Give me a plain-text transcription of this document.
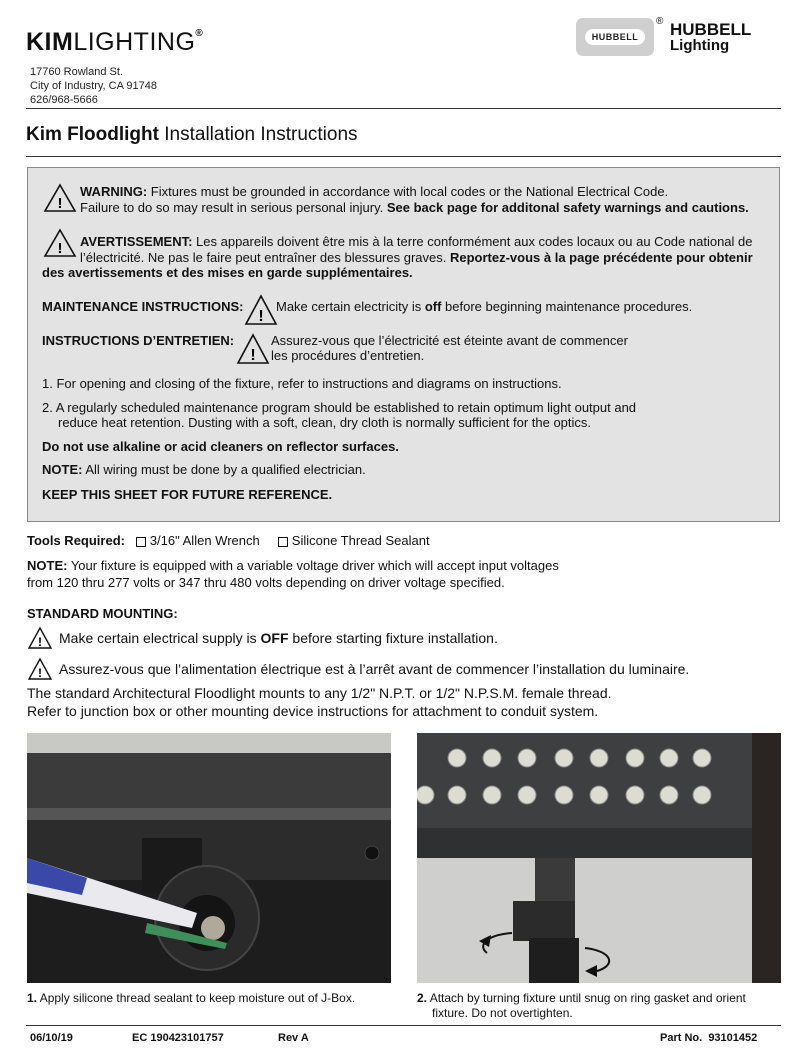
KIMLIGHTING®
17760 Rowland St.
City of Industry, CA 91748
626/968-5666
HUBBELL
® HUBBELL
Lighting
Kim Floodlight Installation Instructions
!
WARNING: Fixtures must be grounded in accordance with local codes or the National Electrical Code.
Failure to do so may result in serious personal injury. See back page for additonal safety warnings and cautions.
! AVERTISSEMENT: Les appareils doivent être mis à la terre conformément aux codes locaux ou au Code national de
l’électricité. Ne pas le faire peut entraîner des blessures graves. Reportez-vous à la page précédente pour obtenir
des avertissements et des mises en garde supplémentaires.
MAINTENANCE INSTRUCTIONS:
!
Make certain electricity is off before beginning maintenance procedures.
INSTRUCTIONS D’ENTRETIEN:
!
Assurez-vous que l’électricité est éteinte avant de commencer
les procédures d’entretien.
1. For opening and closing of the fixture, refer to instructions and diagrams on instructions.
2. A regularly scheduled maintenance program should be established to retain optimum light output and
reduce heat retention. Dusting with a soft, clean, dry cloth is normally sufficient for the optics.
Do not use alkaline or acid cleaners on reflector surfaces.
NOTE: All wiring must be done by a qualified electrician.
KEEP THIS SHEET FOR FUTURE REFERENCE.
Tools Required: 3/16" Allen Wrench Silicone Thread Sealant
NOTE: Your fixture is equipped with a variable voltage driver which will accept input voltages
from 120 thru 277 volts or 347 thru 480 volts depending on driver voltage specified.
STANDARD MOUNTING:
! Make certain electrical supply is OFF before starting fixture installation.
! Assurez-vous que l’alimentation électrique est à l’arrêt avant de commencer l’installation du luminaire.
The standard Architectural Floodlight mounts to any 1/2" N.P.T. or 1/2" N.P.S.M. female thread.
Refer to junction box or other mounting device instructions for attachment to conduit system.
1. Apply silicone thread sealant to keep moisture out of J-Box.	2. Attach by turning fixture until snug on ring gasket and orient
fixture. Do not overtighten.
06/10/19	EC 190423101757	Rev A	Part No. 93101452
